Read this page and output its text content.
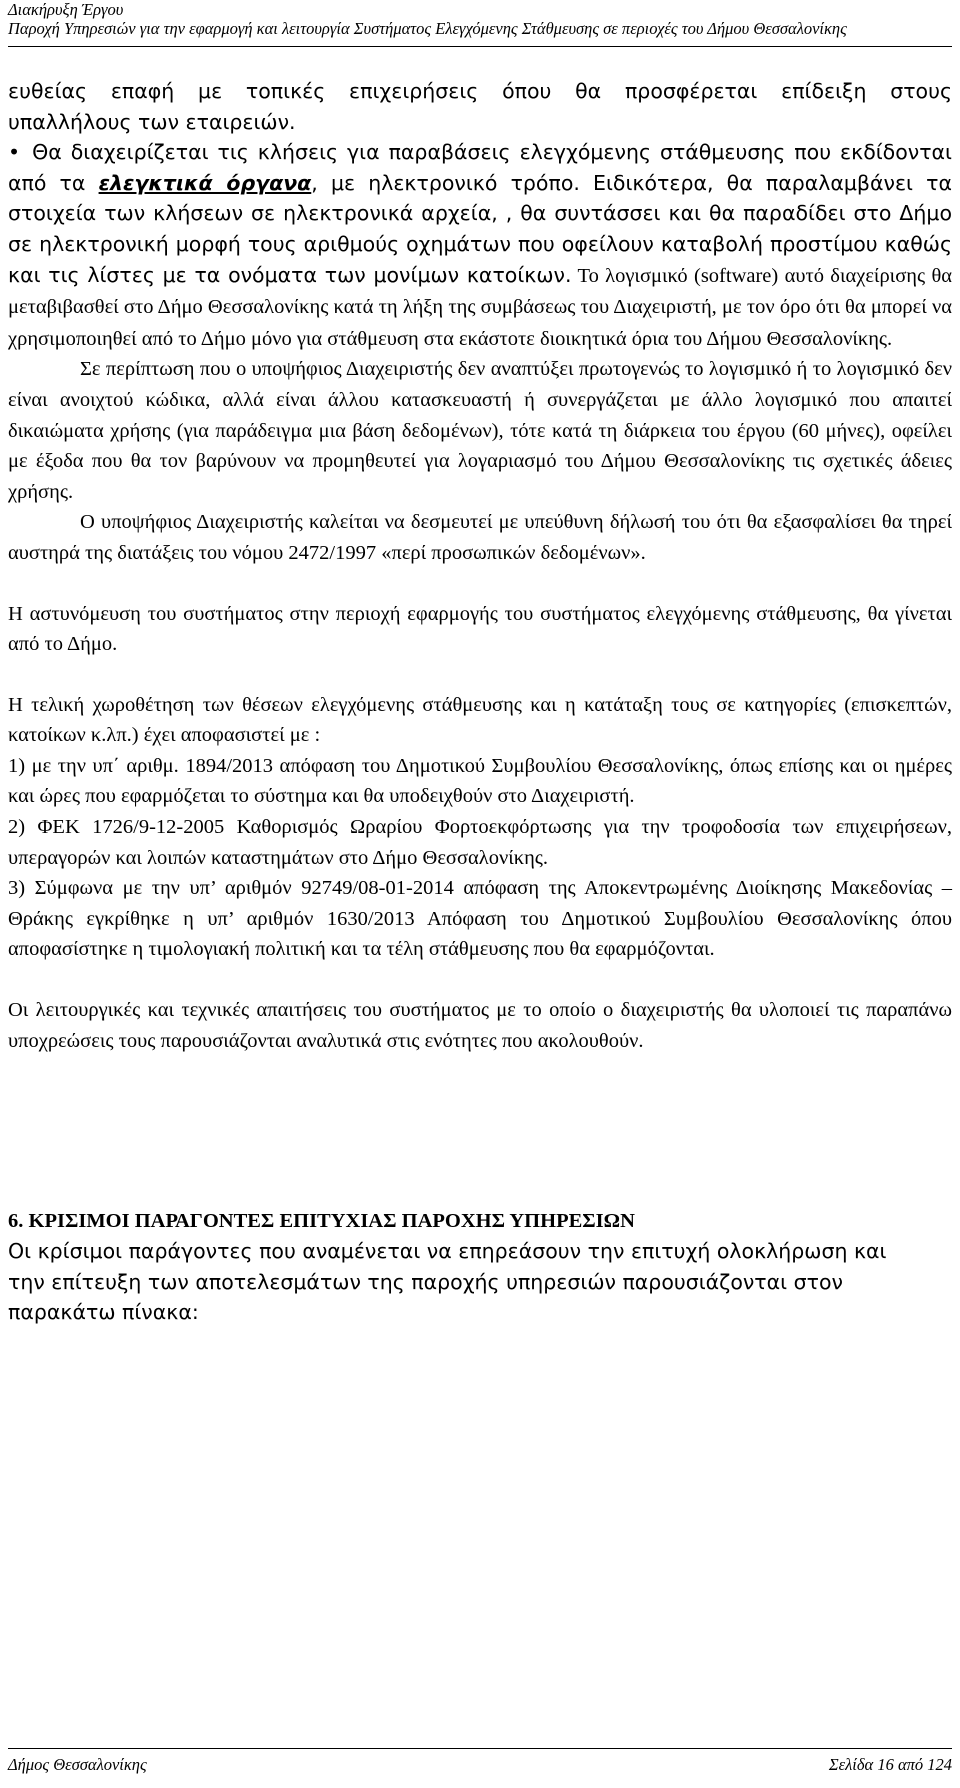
Διακήρυξη Έργου
Παροχή Υπηρεσιών για την εφαρμογή και λειτουργία Συστήματος Ελεγχόμενης Στάθμευσης σε περιοχές του Δήμου Θεσσαλονίκης

ευθείας επαφή με τοπικές επιχειρήσεις όπου θα προσφέρεται επίδειξη στους

υπαλλήλους των εταιρειών.

• Θα διαχειρίζεται τις κλήσεις για παραβάσεις ελεγχόμενης στάθμευσης που εκδίδονται από τα ελεγκτικά όργανα, με ηλεκτρονικό τρόπο. Ειδικότερα, θα παραλαμβάνει τα στοιχεία των κλήσεων σε ηλεκτρονικά αρχεία, , θα συντάσσει και θα παραδίδει στο Δήμο σε ηλεκτρονική μορφή τους αριθμούς οχημάτων που οφείλουν καταβολή προστίμου καθώς και τις λίστες με τα ονόματα των μονίμων κατοίκων. Το λογισμικό (software) αυτό διαχείρισης θα μεταβιβασθεί στο Δήμο Θεσσαλονίκης κατά τη λήξη της συμβάσεως του Διαχειριστή, με τον όρο ότι θα μπορεί να χρησιμοποιηθεί από το Δήμο μόνο για στάθμευση στα εκάστοτε διοικητικά όρια του Δήμου Θεσσαλονίκης.

Σε περίπτωση που ο υποψήφιος Διαχειριστής δεν αναπτύξει πρωτογενώς το λογισμικό ή το λογισμικό δεν είναι ανοιχτού κώδικα, αλλά είναι άλλου κατασκευαστή ή συνεργάζεται με άλλο λογισμικό που απαιτεί δικαιώματα χρήσης (για παράδειγμα μια βάση δεδομένων), τότε κατά τη διάρκεια του έργου (60 μήνες), οφείλει με έξοδα που θα τον βαρύνουν να προμηθευτεί για λογαριασμό του Δήμου Θεσσαλονίκης τις σχετικές άδειες χρήσης.

Ο υποψήφιος Διαχειριστής καλείται να δεσμευτεί με υπεύθυνη δήλωσή του ότι θα εξασφαλίσει θα τηρεί αυστηρά της διατάξεις του νόμου 2472/1997 «περί προσωπικών δεδομένων».

Η αστυνόμευση του συστήματος στην περιοχή εφαρμογής του συστήματος ελεγχόμενης στάθμευσης, θα γίνεται από το Δήμο.

Η τελική χωροθέτηση των θέσεων ελεγχόμενης στάθμευσης και η κατάταξη τους σε κατηγορίες (επισκεπτών, κατοίκων κ.λπ.) έχει αποφασιστεί με :

1) με την υπ΄ αριθμ. 1894/2013 απόφαση του Δημοτικού Συμβουλίου Θεσσαλονίκης, όπως επίσης και οι ημέρες και ώρες που εφαρμόζεται το σύστημα και θα υποδειχθούν στο Διαχειριστή.

2) ΦΕΚ 1726/9-12-2005 Καθορισμός Ωραρίου Φορτοεκφόρτωσης για την τροφοδοσία των επιχειρήσεων, υπεραγορών και λοιπών καταστημάτων στο Δήμο Θεσσαλονίκης.

3) Σύμφωνα με την υπ’ αριθμόν 92749/08-01-2014 απόφαση της Αποκεντρωμένης Διοίκησης Μακεδονίας – Θράκης εγκρίθηκε η υπ’ αριθμόν 1630/2013 Απόφαση του Δημοτικού Συμβουλίου Θεσσαλονίκης όπου αποφασίστηκε η τιμολογιακή πολιτική και τα τέλη στάθμευσης που θα εφαρμόζονται.

Οι λειτουργικές και τεχνικές απαιτήσεις του συστήματος με το οποίο ο διαχειριστής θα υλοποιεί τις παραπάνω υποχρεώσεις τους παρουσιάζονται αναλυτικά στις ενότητες που ακολουθούν.

6. ΚΡΙΣΙΜΟΙ ΠΑΡΑΓΟΝΤΕΣ ΕΠΙΤΥΧΙΑΣ ΠΑΡΟΧΗΣ ΥΠΗΡΕΣΙΩΝ

Οι κρίσιμοι παράγοντες που αναμένεται να επηρεάσουν την επιτυχή ολοκλήρωση και

την επίτευξη των αποτελεσμάτων της παροχής υπηρεσιών παρουσιάζονται στον

παρακάτω πίνακα:

Δήμος Θεσσαλονίκης	Σελίδα 16 από 124
